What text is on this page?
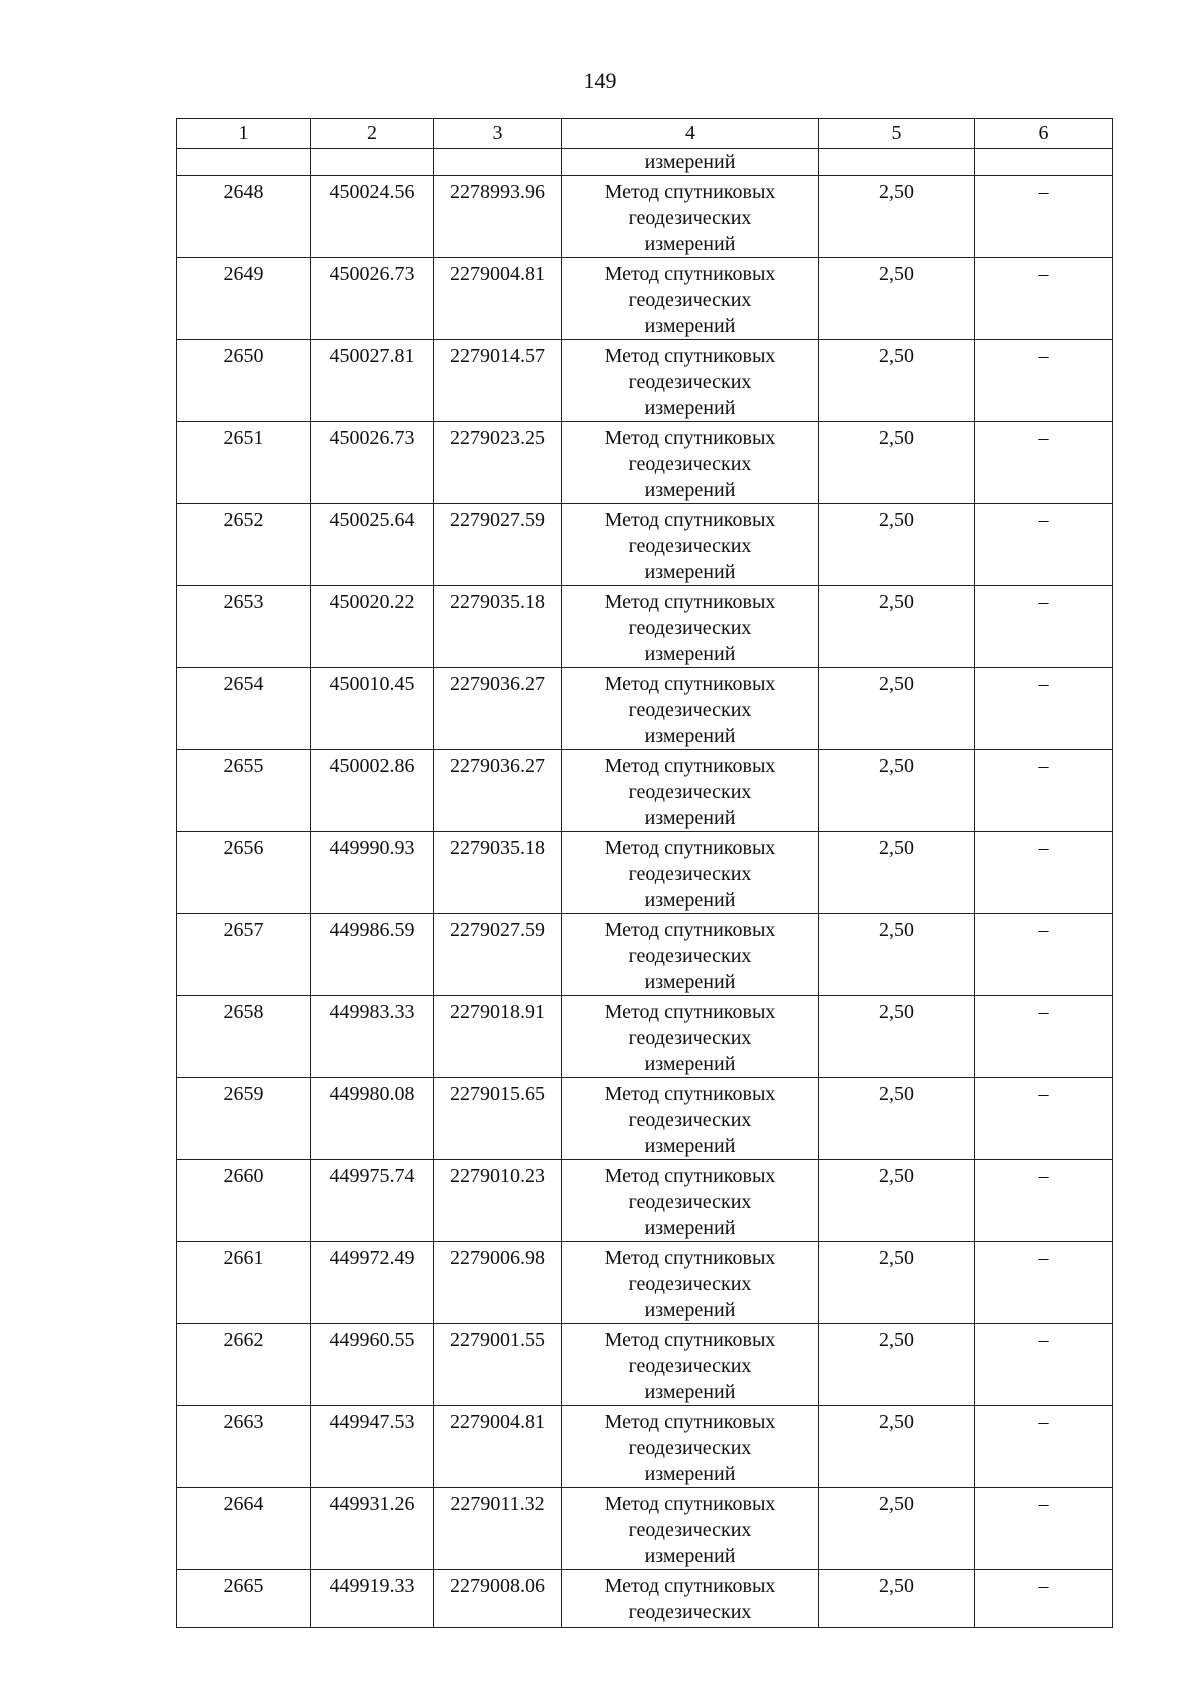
149
1	2	3	4	5	6
			измерений		
2648	450024.56	2278993.96	Метод спутниковых
геодезических
измерений	2,50	–
2649	450026.73	2279004.81	Метод спутниковых
геодезических
измерений	2,50	–
2650	450027.81	2279014.57	Метод спутниковых
геодезических
измерений	2,50	–
2651	450026.73	2279023.25	Метод спутниковых
геодезических
измерений	2,50	–
2652	450025.64	2279027.59	Метод спутниковых
геодезических
измерений	2,50	–
2653	450020.22	2279035.18	Метод спутниковых
геодезических
измерений	2,50	–
2654	450010.45	2279036.27	Метод спутниковых
геодезических
измерений	2,50	–
2655	450002.86	2279036.27	Метод спутниковых
геодезических
измерений	2,50	–
2656	449990.93	2279035.18	Метод спутниковых
геодезических
измерений	2,50	–
2657	449986.59	2279027.59	Метод спутниковых
геодезических
измерений	2,50	–
2658	449983.33	2279018.91	Метод спутниковых
геодезических
измерений	2,50	–
2659	449980.08	2279015.65	Метод спутниковых
геодезических
измерений	2,50	–
2660	449975.74	2279010.23	Метод спутниковых
геодезических
измерений	2,50	–
2661	449972.49	2279006.98	Метод спутниковых
геодезических
измерений	2,50	–
2662	449960.55	2279001.55	Метод спутниковых
геодезических
измерений	2,50	–
2663	449947.53	2279004.81	Метод спутниковых
геодезических
измерений	2,50	–
2664	449931.26	2279011.32	Метод спутниковых
геодезических
измерений	2,50	–
2665	449919.33	2279008.06	Метод спутниковых
геодезических	2,50	–
